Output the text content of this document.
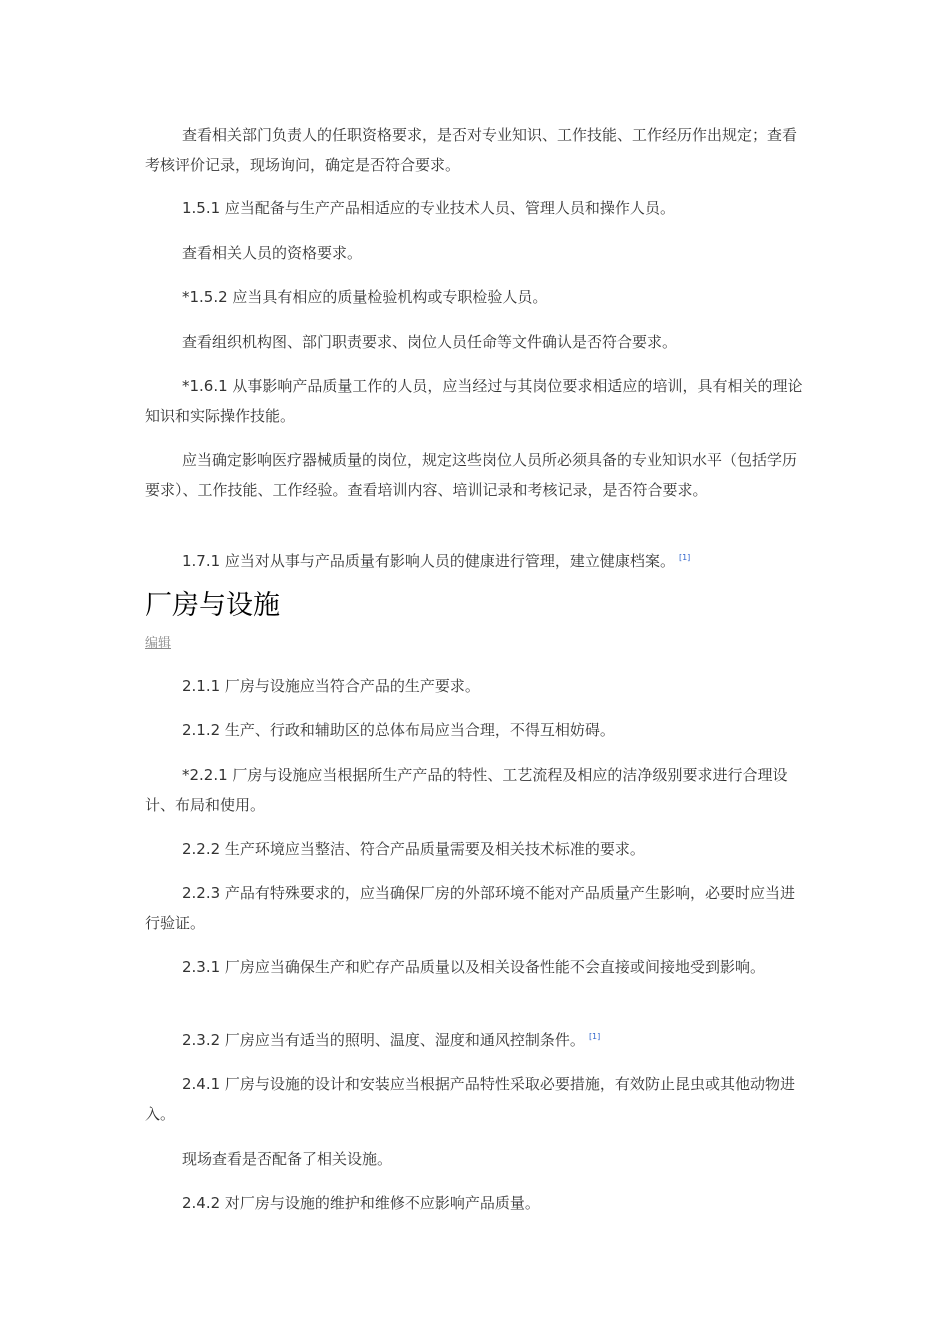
查看相关部门负责人的任职资格要求，是否对专业知识、工作技能、工作经历作出规定；查看考核评价记录，现场询问，确定是否符合要求。

1.5.1 应当配备与生产产品相适应的专业技术人员、管理人员和操作人员。

查看相关人员的资格要求。

*1.5.2 应当具有相应的质量检验机构或专职检验人员。

查看组织机构图、部门职责要求、岗位人员任命等文件确认是否符合要求。

*1.6.1 从事影响产品质量工作的人员，应当经过与其岗位要求相适应的培训，具有相关的理论知识和实际操作技能。

应当确定影响医疗器械质量的岗位，规定这些岗位人员所必须具备的专业知识水平（包括学历要求）、工作技能、工作经验。查看培训内容、培训记录和考核记录，是否符合要求。

1.7.1 应当对从事与产品质量有影响人员的健康进行管理，建立健康档案。 [1]

厂房与设施
编辑

2.1.1 厂房与设施应当符合产品的生产要求。

2.1.2 生产、行政和辅助区的总体布局应当合理，不得互相妨碍。

*2.2.1 厂房与设施应当根据所生产产品的特性、工艺流程及相应的洁净级别要求进行合理设计、布局和使用。

2.2.2 生产环境应当整洁、符合产品质量需要及相关技术标准的要求。

2.2.3 产品有特殊要求的，应当确保厂房的外部环境不能对产品质量产生影响，必要时应当进行验证。

2.3.1 厂房应当确保生产和贮存产品质量以及相关设备性能不会直接或间接地受到影响。

2.3.2 厂房应当有适当的照明、温度、湿度和通风控制条件。 [1]

2.4.1 厂房与设施的设计和安装应当根据产品特性采取必要措施，有效防止昆虫或其他动物进入。

现场查看是否配备了相关设施。

2.4.2 对厂房与设施的维护和维修不应影响产品质量。
